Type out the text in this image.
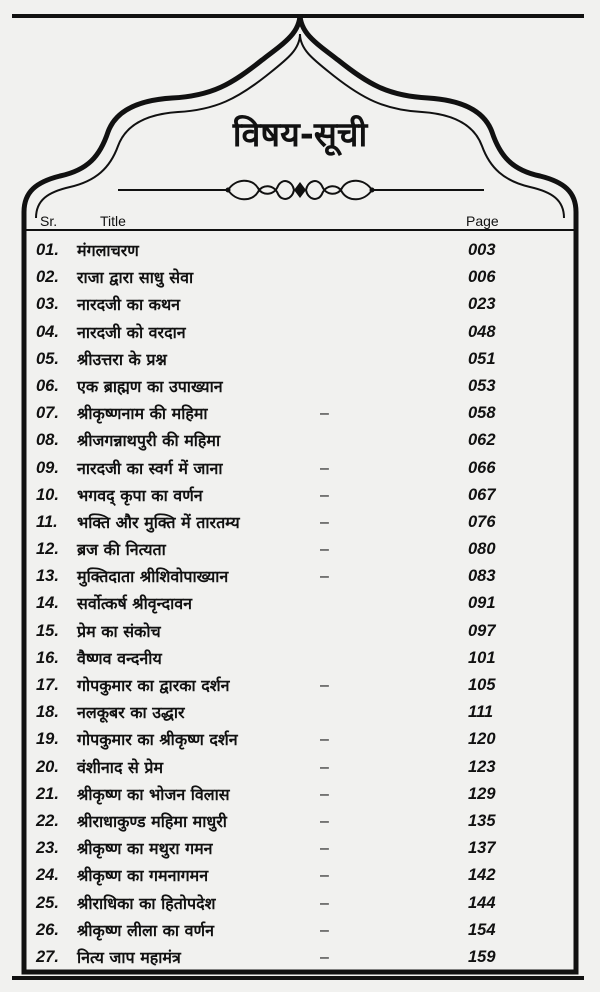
विषय-सूची
Sr.	Title	Page
01. मंगलाचरण	003
02. राजा द्वारा साधु सेवा	006
03. नारदजी का कथन	023
04. नारदजी को वरदान	048
05. श्रीउत्तरा के प्रश्न	051
06. एक ब्राह्मण का उपाख्यान	053
07. श्रीकृष्णनाम की महिमा	–	058
08. श्रीजगन्नाथपुरी की महिमा	062
09. नारदजी का स्वर्ग में जाना	–	066
10. भगवद् कृपा का वर्णन	–	067
11. भक्ति और मुक्ति में तारतम्य	–	076
12. ब्रज की नित्यता	–	080
13. मुक्तिदाता श्रीशिवोपाख्यान	–	083
14. सर्वोत्कर्ष श्रीवृन्दावन	091
15. प्रेम का संकोच	097
16. वैष्णव वन्दनीय	101
17. गोपकुमार का द्वारका दर्शन	–	105
18. नलकूबर का उद्धार	111
19. गोपकुमार का श्रीकृष्ण दर्शन	–	120
20. वंशीनाद से प्रेम	–	123
21. श्रीकृष्ण का भोजन विलास	–	129
22. श्रीराधाकुण्ड महिमा माधुरी	–	135
23. श्रीकृष्ण का मथुरा गमन	–	137
24. श्रीकृष्ण का गमनागमन	–	142
25. श्रीराधिका का हितोपदेश	–	144
26. श्रीकृष्ण लीला का वर्णन	–	154
27. नित्य जाप महामंत्र	–	159
